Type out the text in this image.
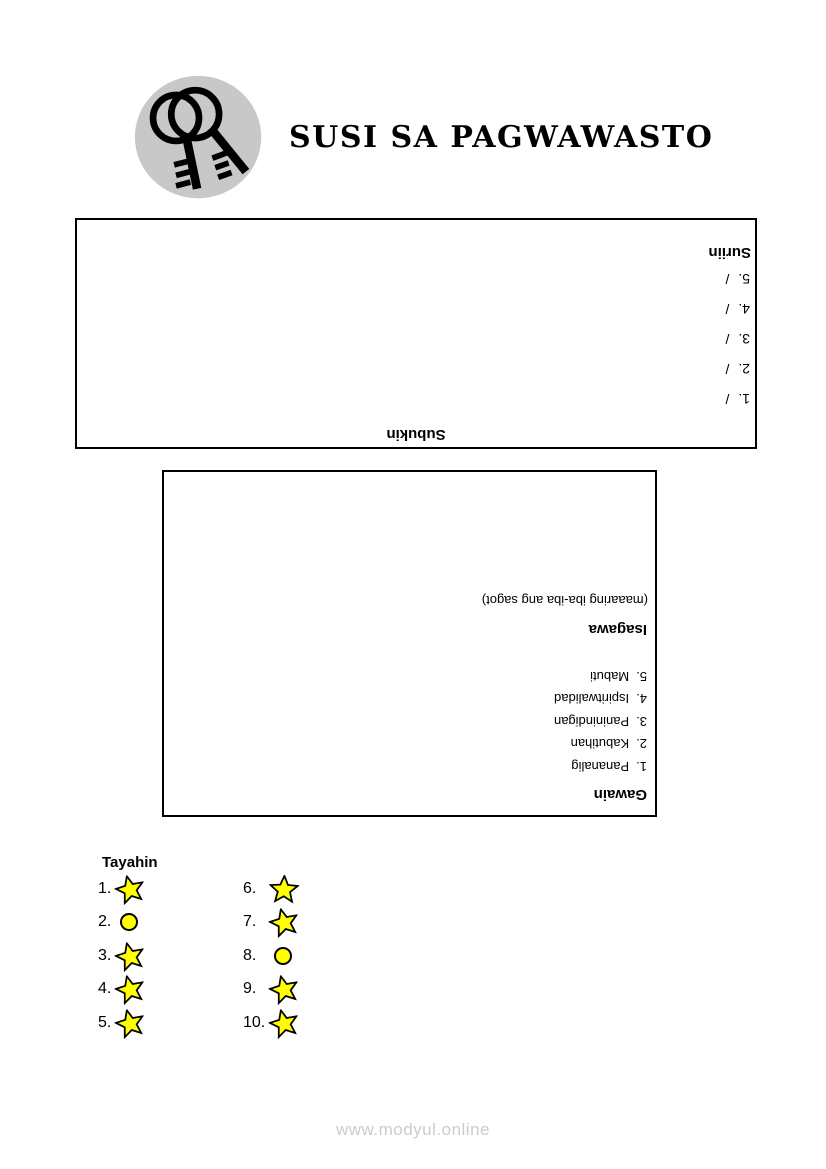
SUSI SA PAGWAWASTO
Subukin
1./
2./
3./
4./
5./
Suriin
Gawain
1.Pananalig
2.Kabutihan
3.Paninindigan
4.Ispiritwalidad
5.Mabuti
Isagawa
(maaaring iba-iba ang sagot)
Tayahin
1.
2.
3.
4.
5.
6.
7.
8.
9.
10.
www.modyul.online
